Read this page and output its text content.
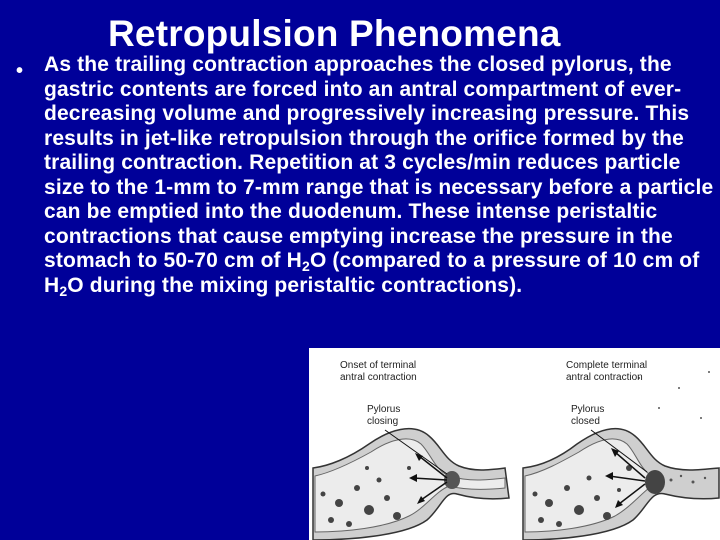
Retropulsion Phenomena
• As the trailing contraction approaches the closed pylorus, the gastric contents are forced into an antral compartment of ever-decreasing volume and progressively increasing pressure. This results in jet-like retropulsion through the orifice formed by the trailing contraction. Repetition at 3 cycles/min reduces particle size to the 1-mm to 7-mm range that is necessary before a particle can be emptied into the duodenum. These intense peristaltic contractions that cause emptying increase the pressure in the stomach to 50-70 cm of $H_2O$ (compared to a pressure of 10 cm of $H_2O$ during the mixing peristaltic contractions).
Onset of terminal
antral contraction
Pylorus
closing
Complete terminal
antral contraction
Pylorus
closed
